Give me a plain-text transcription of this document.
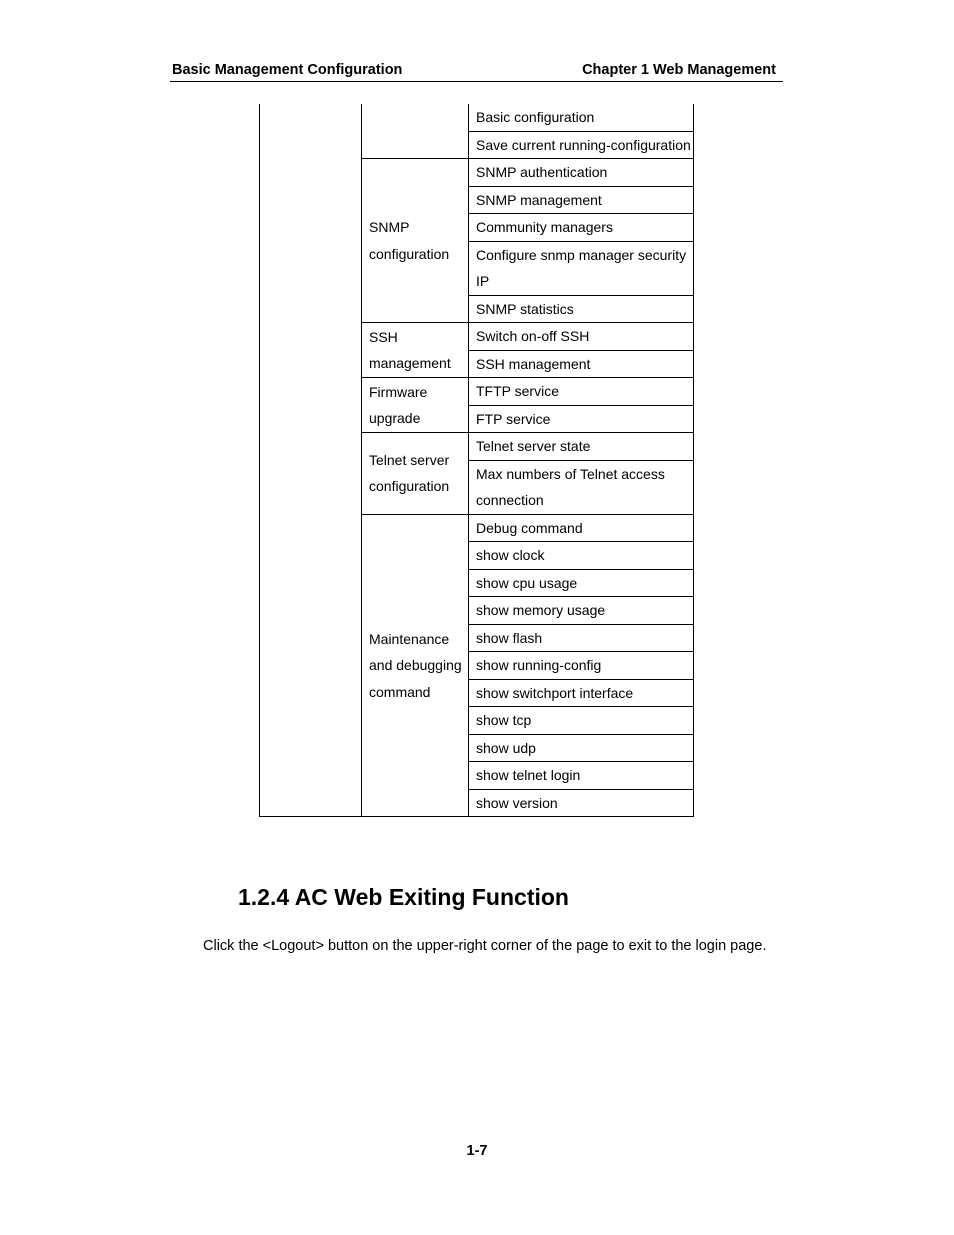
Basic Management Configuration	Chapter 1 Web Management
		Basic configuration
		Save current running-configuration
	SNMP configuration	SNMP authentication
		SNMP management
		Community managers
		Configure snmp manager security IP
		SNMP statistics
	SSH management	Switch on-off SSH
		SSH management
	Firmware upgrade	TFTP service
		FTP service
	Telnet server configuration	Telnet server state
		Max numbers of Telnet access connection
	Maintenance and debugging command	Debug command
		show clock
		show cpu usage
		show memory usage
		show flash
		show running-config
		show switchport interface
		show tcp
		show udp
		show telnet login
		show version
1.2.4 AC Web Exiting Function
Click the <Logout> button on the upper-right corner of the page to exit to the login page.
1-7
